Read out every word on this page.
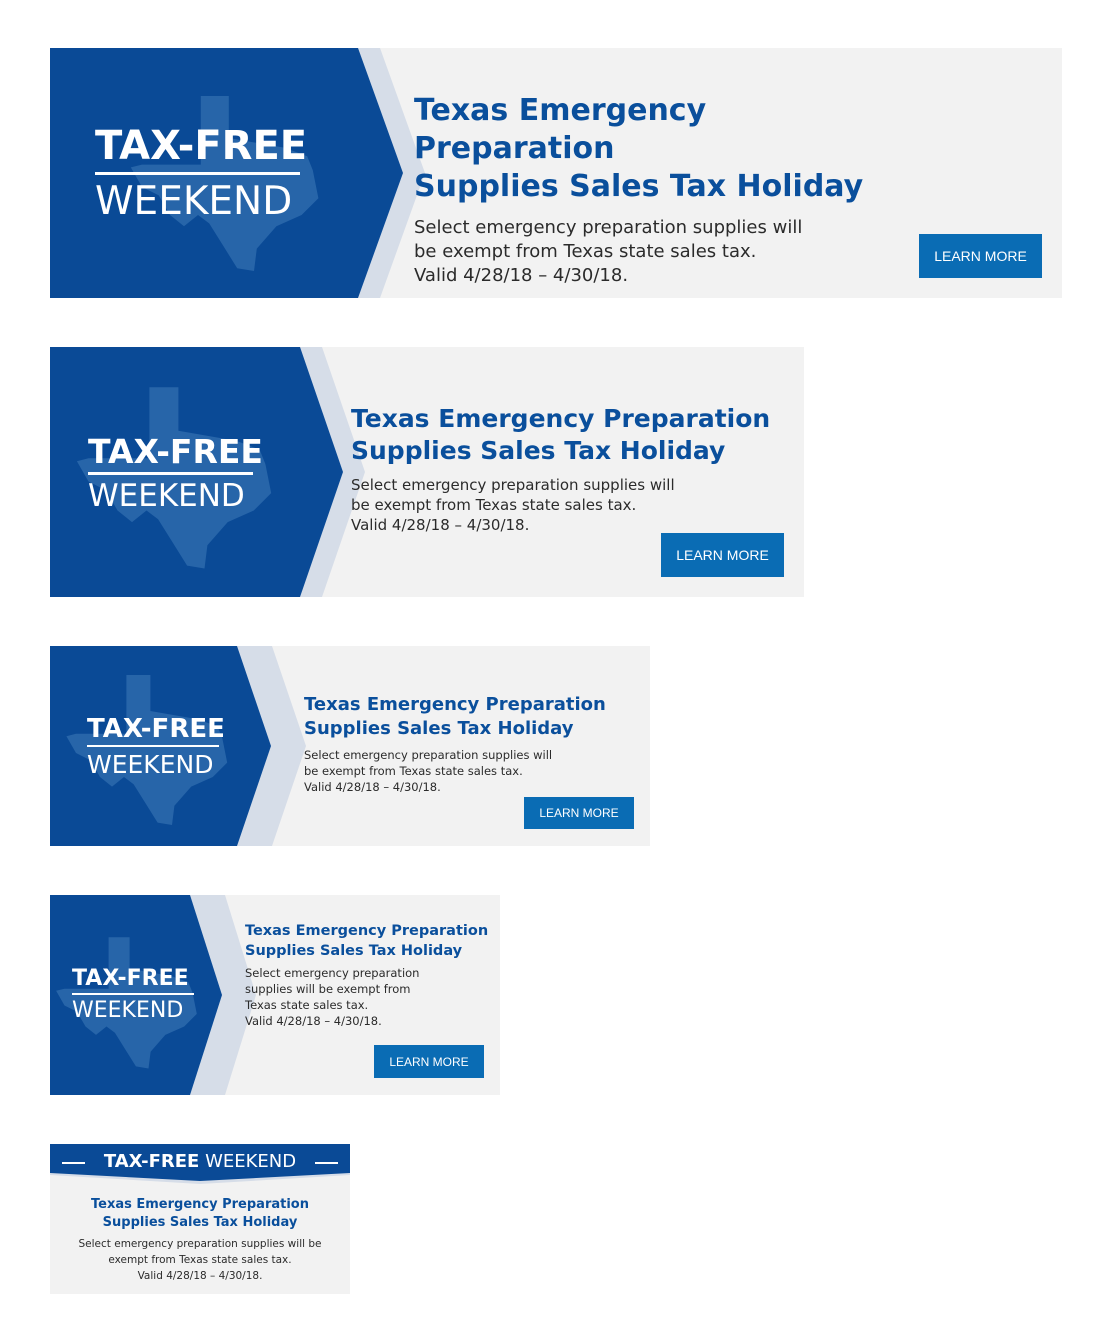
TAX-FREE
WEEKEND

Texas Emergency Preparation
Supplies Sales Tax Holiday

Select emergency preparation supplies will
be exempt from Texas state sales tax.
Valid 4/28/18 – 4/30/18.

LEARN MORE
TAX-FREE
WEEKEND

Texas Emergency Preparation
Supplies Sales Tax Holiday

Select emergency preparation supplies will
be exempt from Texas state sales tax.
Valid 4/28/18 – 4/30/18.

LEARN MORE
TAX-FREE
WEEKEND

Texas Emergency Preparation
Supplies Sales Tax Holiday

Select emergency preparation supplies will
be exempt from Texas state sales tax.
Valid 4/28/18 – 4/30/18.

LEARN MORE
TAX-FREE
WEEKEND

Texas Emergency Preparation
Supplies Sales Tax Holiday

Select emergency preparation
supplies will be exempt from
Texas state sales tax.
Valid 4/28/18 – 4/30/18.

LEARN MORE
TAX-FREE WEEKEND

Texas Emergency Preparation
Supplies Sales Tax Holiday

Select emergency preparation supplies will be
exempt from Texas state sales tax.
Valid 4/28/18 – 4/30/18.
